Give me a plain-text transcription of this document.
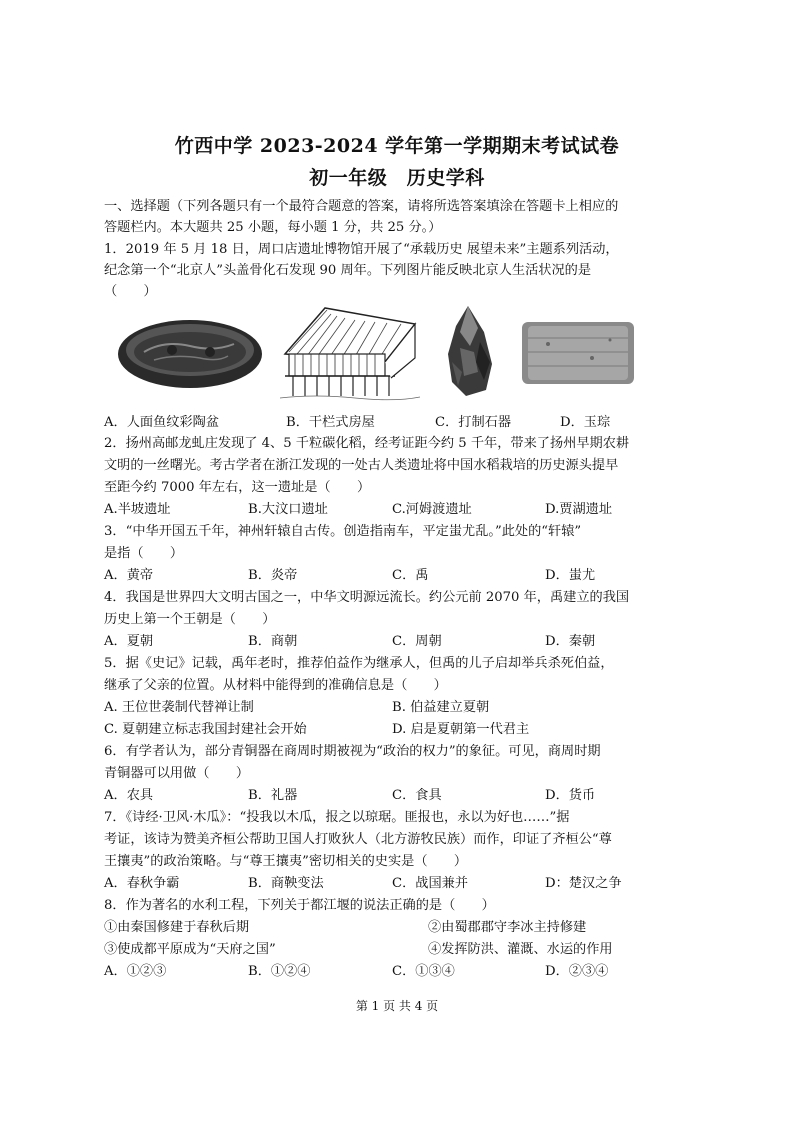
竹西中学 2023-2024 学年第一学期期末考试试卷
初一年级　历史学科
一、选择题（下列各题只有一个最符合题意的答案，请将所选答案填涂在答题卡上相应的
答题栏内。本大题共 25 小题，每小题 1 分，共 25 分。）
1．2019 年 5 月 18 日，周口店遗址博物馆开展了“承载历史 展望未来”主题系列活动，
纪念第一个“北京人”头盖骨化石发现 90 周年。下列图片能反映北京人生活状况的是
（　　）
A．人面鱼纹彩陶盆	B．干栏式房屋	C．打制石器	D．玉琮
2．扬州高邮龙虬庄发现了 4、5 千粒碳化稻，经考证距今约 5 千年，带来了扬州早期农耕
文明的一丝曙光。考古学者在浙江发现的一处古人类遗址将中国水稻栽培的历史源头提早
至距今约 7000 年左右，这一遗址是（　　）
A.半坡遗址	B.大汶口遗址	C.河姆渡遗址	D.贾湖遗址
3．“中华开国五千年，神州轩辕自古传。创造指南车，平定蚩尤乱。”此处的“轩辕”
是指（　　）
A．黄帝	B．炎帝	C．禹	D．蚩尤
4．我国是世界四大文明古国之一，中华文明源远流长。约公元前 2070 年，禹建立的我国
历史上第一个王朝是（　　）
A．夏朝	B．商朝	C．周朝	D．秦朝
5．据《史记》记载，禹年老时，推荐伯益作为继承人，但禹的儿子启却举兵杀死伯益，
继承了父亲的位置。从材料中能得到的准确信息是（　　）
A. 王位世袭制代替禅让制	B. 伯益建立夏朝
C. 夏朝建立标志我国封建社会开始	D. 启是夏朝第一代君主
6．有学者认为，部分青铜器在商周时期被视为“政治的权力”的象征。可见，商周时期
青铜器可以用做（　　）
A．农具	B．礼器	C．食具	D．货币
7．《诗经·卫风·木瓜》：“投我以木瓜，报之以琼琚。匪报也，永以为好也……”据
考证，该诗为赞美齐桓公帮助卫国人打败狄人（北方游牧民族）而作，印证了齐桓公“尊
王攘夷”的政治策略。与“尊王攘夷”密切相关的史实是（　　）
A．春秋争霸	B．商鞅变法	C．战国兼并	D：楚汉之争
8．作为著名的水利工程，下列关于都江堰的说法正确的是（　　）
①由秦国修建于春秋后期	②由蜀郡郡守李冰主持修建
③使成都平原成为“天府之国”	④发挥防洪、灌溉、水运的作用
A．①②③	B．①②④	C．①③④	D．②③④
第 1 页 共 4 页
